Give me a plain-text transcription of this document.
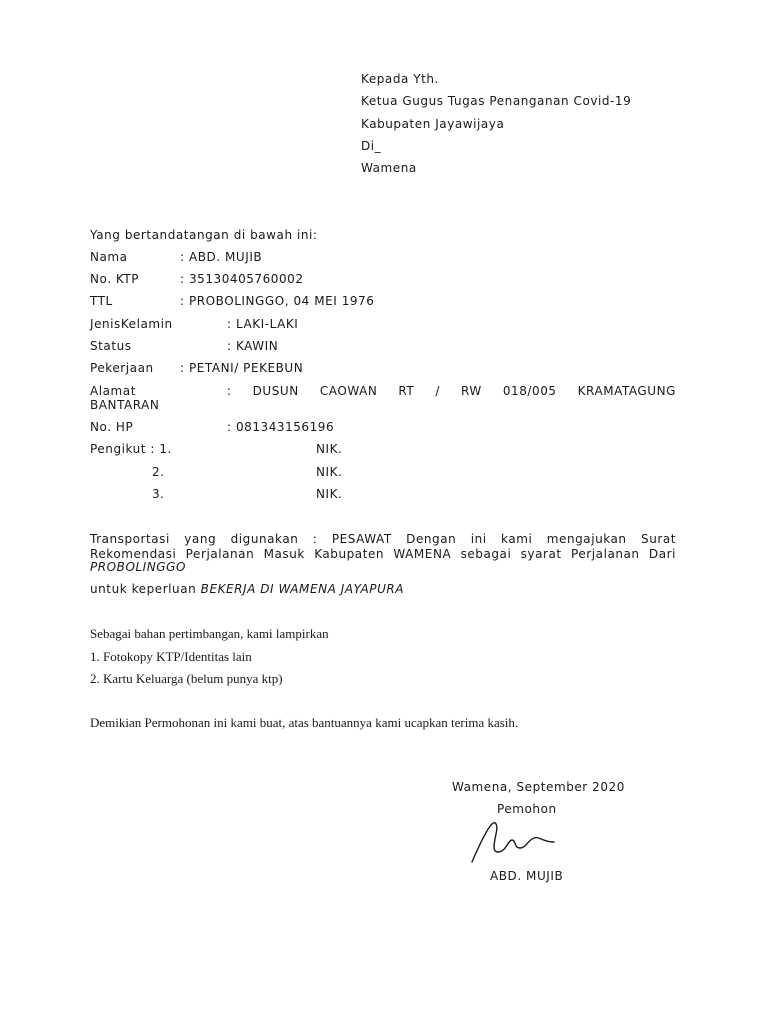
Kepada Yth.
Ketua Gugus Tugas Penanganan Covid-19
Kabupaten Jayawijaya
Di_
Wamena
Yang bertandatangan di bawah ini:
Nama	: ABD. MUJIB
No. KTP	: 35130405760002
TTL	: PROBOLINGGO, 04 MEI 1976
JenisKelamin	: LAKI-LAKI
Status	: KAWIN
Pekerjaan : PETANI/ PEKEBUN
Alamat	: DUSUN CAOWAN RT / RW 018/005 KRAMATAGUNG
BANTARAN
No. HP	: 081343156196
Pengikut : 1.	NIK.
2.	NIK.
3.	NIK.
Transportasi yang digunakan : PESAWAT Dengan ini kami mengajukan Surat
Rekomendasi Perjalanan Masuk Kabupaten WAMENA sebagai syarat Perjalanan Dari
PROBOLINGGO
untuk keperluan BEKERJA DI WAMENA JAYAPURA
Sebagai bahan pertimbangan, kami lampirkan
1. Fotokopy KTP/Identitas lain
2. Kartu Keluarga (belum punya ktp)
Demikian Permohonan ini kami buat, atas bantuannya kami ucapkan terima kasih.
Wamena, September 2020
Pemohon
ABD. MUJIB
